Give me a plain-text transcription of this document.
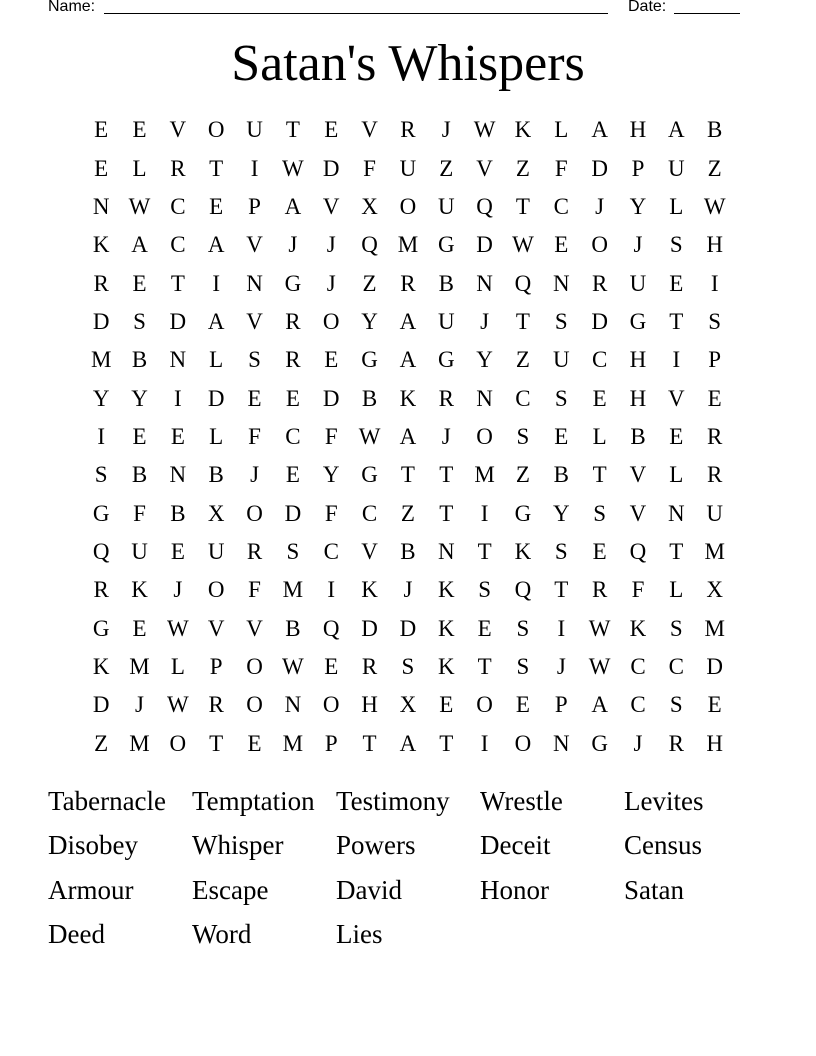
Name:	Date:
Satan's Whispers
E	E	V O U	T	E	V R	J	W K	L	A H A B
E	L	R	T	I	W D	F	U	Z	V	Z	F	D	P	U	Z
N W C	E	P	A V X O U Q	T	C	J	Y	L W
K A C A V	J	J	Q M G D W E	O	J	S	H
R	E	T	I	N G	J	Z	R	B N Q N R U	E	I
D	S	D A V R O Y A U	J	T	S	D G	T	S
M B N	L	S	R	E	G A G Y	Z	U C H	I	P
Y Y	I	D	E	E	D B K R N C	S	E	H V	E
I	E	E	L	F	C	F W A	J	O	S	E	L	B	E	R
S	B N B	J	E	Y G	T	T M Z	B	T	V	L	R
G	F	B X O D	F	C	Z	T	I	G Y	S	V N U
Q U	E	U R	S	C V B N	T	K	S	E	Q	T M
R K	J	O	F M	I	K	J	K	S	Q	T	R	F	L	X
G	E W V V B Q D D K	E	S	I	W K	S M
K M L	P	O W E	R	S	K	T	S	J	W C	C D
D	J	W R O N O H X	E	O	E	P	A C	S	E
Z M O	T	E M P	T	A	T	I	O N G	J	R H
Tabernacle Temptation Testimony	Wrestle	Levites
Disobey	Whisper	Powers	Deceit	Census
Armour	Escape	David	Honor	Satan
Deed	Word	Lies
